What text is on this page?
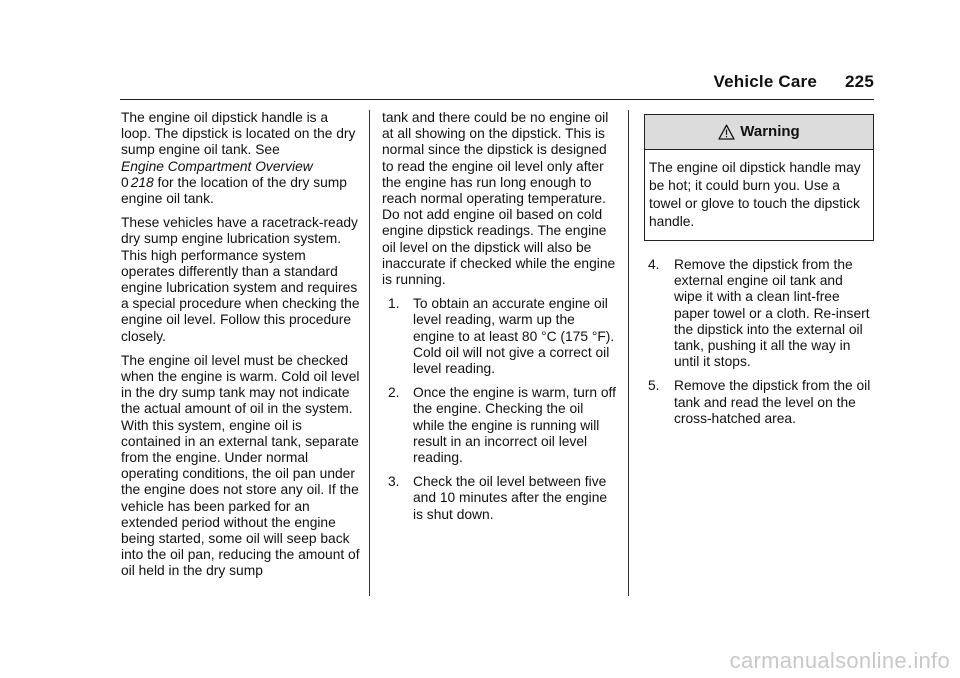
Vehicle Care 225

The engine oil dipstick handle is a loop. The dipstick is located on the dry sump engine oil tank. See
Engine Compartment Overview
0 218 for the location of the dry sump engine oil tank.

These vehicles have a racetrack-ready dry sump engine lubrication system. This high performance system operates differently than a standard engine lubrication system and requires a special procedure when checking the engine oil level. Follow this procedure closely.

The engine oil level must be checked when the engine is warm. Cold oil level in the dry sump tank may not indicate the actual amount of oil in the system. With this system, engine oil is contained in an external tank, separate from the engine. Under normal operating conditions, the oil pan under the engine does not store any oil. If the vehicle has been parked for an extended period without the engine being started, some oil will seep back into the oil pan, reducing the amount of oil held in the dry sump

tank and there could be no engine oil at all showing on the dipstick. This is normal since the dipstick is designed to read the engine oil level only after the engine has run long enough to reach normal operating temperature. Do not add engine oil based on cold engine dipstick readings. The engine oil level on the dipstick will also be inaccurate if checked while the engine is running.

1. To obtain an accurate engine oil level reading, warm up the engine to at least 80 °C (175 °F). Cold oil will not give a correct oil level reading.
2. Once the engine is warm, turn off the engine. Checking the oil while the engine is running will result in an incorrect oil level reading.
3. Check the oil level between five and 10 minutes after the engine is shut down.
Warning
The engine oil dipstick handle may be hot; it could burn you. Use a towel or glove to touch the dipstick handle.
4. Remove the dipstick from the external engine oil tank and wipe it with a clean lint-free paper towel or a cloth. Re-insert the dipstick into the external oil tank, pushing it all the way in until it stops.
5. Remove the dipstick from the oil tank and read the level on the cross-hatched area.
carmanualsonline.info
